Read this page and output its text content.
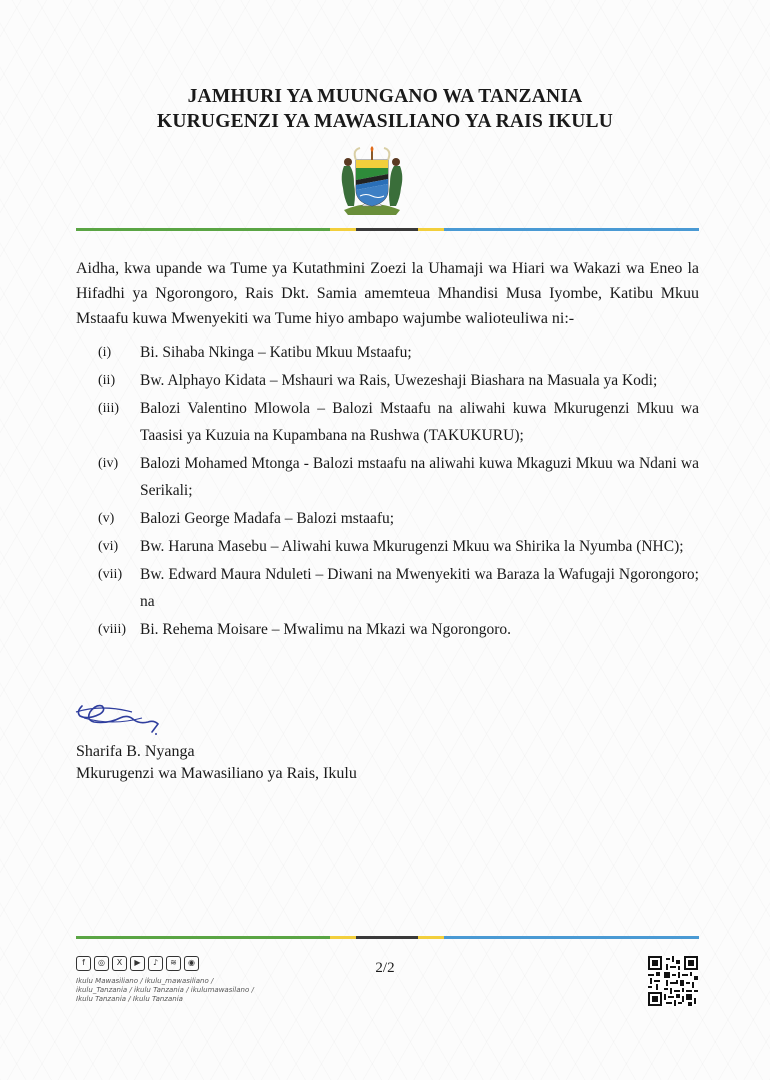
JAMHURI YA MUUNGANO WA TANZANIA
KURUGENZI YA MAWASILIANO YA RAIS IKULU
Aidha, kwa upande wa Tume ya Kutathmini Zoezi la Uhamaji wa Hiari wa Wakazi wa Eneo la Hifadhi ya Ngorongoro, Rais Dkt. Samia amemteua Mhandisi Musa Iyombe, Katibu Mkuu Mstaafu kuwa Mwenyekiti wa Tume hiyo ambapo wajumbe walioteuliwa ni:-
(i) Bi. Sihaba Nkinga – Katibu Mkuu Mstaafu;
(ii) Bw. Alphayo Kidata – Mshauri wa Rais, Uwezeshaji Biashara na Masuala ya Kodi;
(iii) Balozi Valentino Mlowola – Balozi Mstaafu na aliwahi kuwa Mkurugenzi Mkuu wa Taasisi ya Kuzuia na Kupambana na Rushwa (TAKUKURU);
(iv) Balozi Mohamed Mtonga - Balozi mstaafu na aliwahi kuwa Mkaguzi Mkuu wa Ndani wa Serikali;
(v) Balozi George Madafa – Balozi mstaafu;
(vi) Bw. Haruna Masebu – Aliwahi kuwa Mkurugenzi Mkuu wa Shirika la Nyumba (NHC);
(vii) Bw. Edward Maura Nduleti – Diwani na Mwenyekiti wa Baraza la Wafugaji Ngorongoro; na
(viii) Bi. Rehema Moisare – Mwalimu na Mkazi wa Ngorongoro.
Sharifa B. Nyanga
Mkurugenzi wa Mawasiliano ya Rais, Ikulu
f	◎	X	▶	♪	≋	◉
Ikulu Mawasiliano / ikulu_mawasiliano / ikulu_Tanzania / ikulu Tanzania / ikulumawasilano / Ikulu Tanzania / Ikulu Tanzania
2/2
